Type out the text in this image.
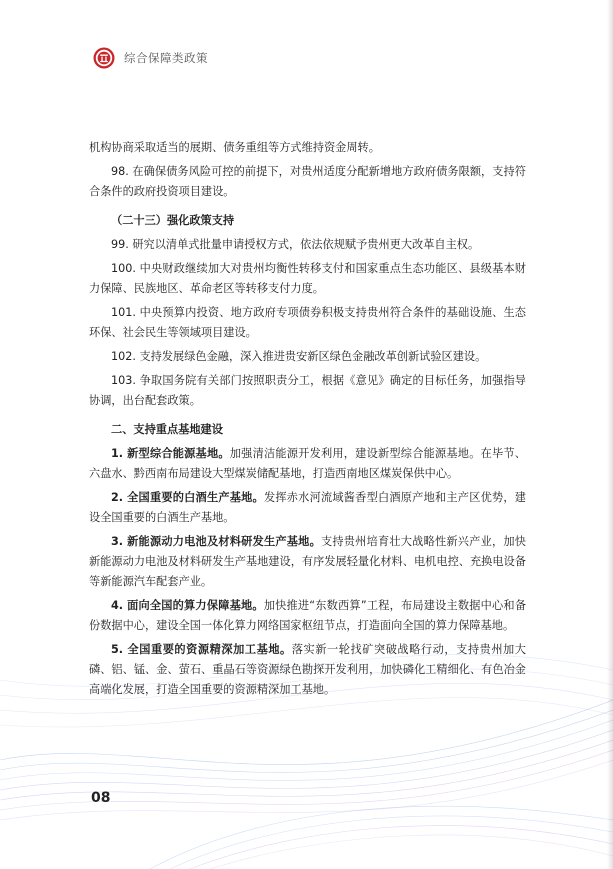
综合保障类政策

机构协商采取适当的展期、债务重组等方式维持资金周转。

98. 在确保债务风险可控的前提下，对贵州适度分配新增地方政府债务限额，支持符合条件的政府投资项目建设。

（二十三）强化政策支持

99. 研究以清单式批量申请授权方式，依法依规赋予贵州更大改革自主权。

100. 中央财政继续加大对贵州均衡性转移支付和国家重点生态功能区、县级基本财力保障、民族地区、革命老区等转移支付力度。

101. 中央预算内投资、地方政府专项债券积极支持贵州符合条件的基础设施、生态环保、社会民生等领域项目建设。

102. 支持发展绿色金融，深入推进贵安新区绿色金融改革创新试验区建设。

103. 争取国务院有关部门按照职责分工，根据《意见》确定的目标任务，加强指导协调，出台配套政策。

二、支持重点基地建设

1. 新型综合能源基地。加强清洁能源开发利用，建设新型综合能源基地。在毕节、六盘水、黔西南布局建设大型煤炭储配基地，打造西南地区煤炭保供中心。

2. 全国重要的白酒生产基地。发挥赤水河流域酱香型白酒原产地和主产区优势，建设全国重要的白酒生产基地。

3. 新能源动力电池及材料研发生产基地。支持贵州培育壮大战略性新兴产业，加快新能源动力电池及材料研发生产基地建设，有序发展轻量化材料、电机电控、充换电设备等新能源汽车配套产业。

4. 面向全国的算力保障基地。加快推进“东数西算”工程，布局建设主数据中心和备份数据中心，建设全国一体化算力网络国家枢纽节点，打造面向全国的算力保障基地。

5. 全国重要的资源精深加工基地。落实新一轮找矿突破战略行动，支持贵州加大磷、铝、锰、金、萤石、重晶石等资源绿色勘探开发利用，加快磷化工精细化、有色冶金高端化发展，打造全国重要的资源精深加工基地。

08
